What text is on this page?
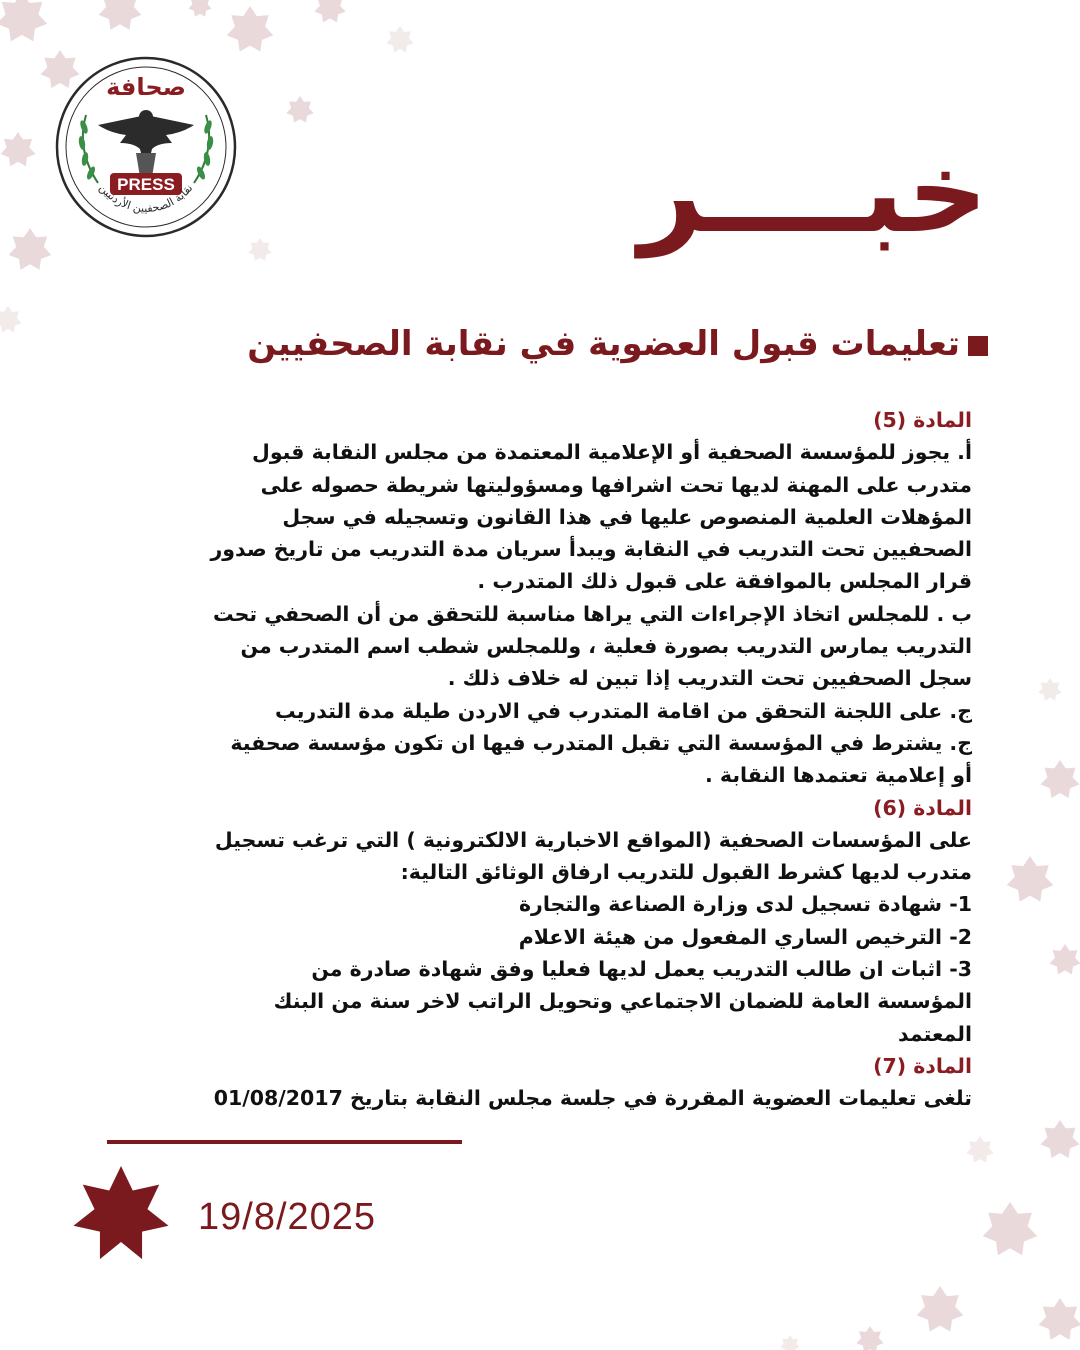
صحافة
PRESS
نقابة الصحفيين الأردنيين	خبــــر
تعليمات قبول العضوية في نقابة الصحفيين
المادة (5)
أ. يجوز للمؤسسة الصحفية أو الإعلامية المعتمدة من مجلس النقابة قبول
متدرب على المهنة لديها تحت اشرافها ومسؤوليتها شريطة حصوله على
المؤهلات العلمية المنصوص عليها في هذا القانون وتسجيله في سجل
الصحفيين تحت التدريب في النقابة ويبدأ سريان مدة التدريب من تاريخ صدور
قرار المجلس بالموافقة على قبول ذلك المتدرب .
ب . للمجلس اتخاذ الإجراءات التي يراها مناسبة للتحقق من أن الصحفي تحت
التدريب يمارس التدريب بصورة فعلية ، وللمجلس شطب اسم المتدرب من
سجل الصحفيين تحت التدريب إذا تبين له خلاف ذلك .
ج. على اللجنة التحقق من اقامة المتدرب في الاردن طيلة مدة التدريب
ج. يشترط في المؤسسة التي تقبل المتدرب فيها ان تكون مؤسسة صحفية
أو إعلامية تعتمدها النقابة .
المادة (6)
على المؤسسات الصحفية (المواقع الاخبارية الالكترونية ) التي ترغب تسجيل
متدرب لديها كشرط القبول للتدريب ارفاق الوثائق التالية:
1- شهادة تسجيل لدى وزارة الصناعة والتجارة
2- الترخيص الساري المفعول من هيئة الاعلام
3- اثبات ان طالب التدريب يعمل لديها فعليا وفق شهادة صادرة من
المؤسسة العامة للضمان الاجتماعي وتحويل الراتب لاخر سنة من البنك
المعتمد
المادة (7)
تلغى تعليمات العضوية المقررة في جلسة مجلس النقابة بتاريخ 01/08/2017
19/8/2025
